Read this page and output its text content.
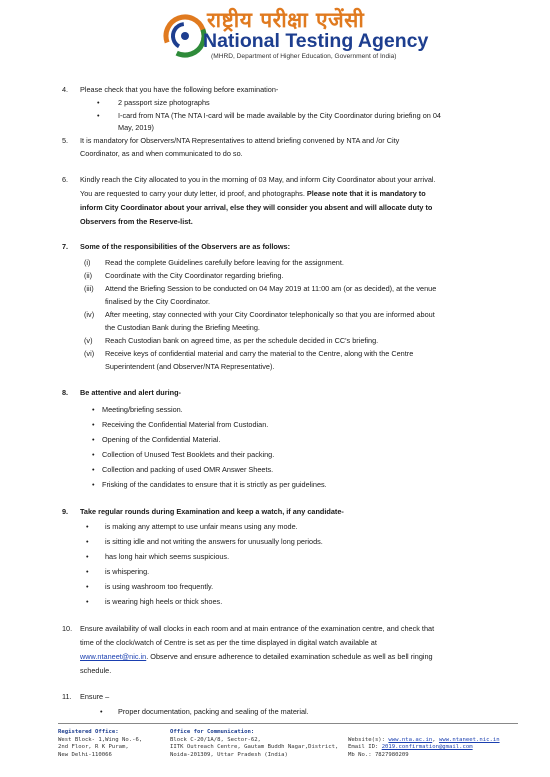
राष्ट्रीय परीक्षा एजेंसी
National Testing Agency
(MHRD, Department of Higher Education, Government of India)
4. Please check that you have the following before examination-
•	2 passport size photographs
•	I-card from NTA (The NTA I-card will be made available by the City Coordinator during briefing on 04
May, 2019)
5. It is mandatory for Observers/NTA Representatives to attend briefing convened by NTA and /or City
Coordinator, as and when communicated to do so.
6. Kindly reach the City allocated to you in the morning of 03 May, and inform City Coordinator about your arrival.
You are requested to carry your duty letter, id proof, and photographs. Please note that it is mandatory to
inform City Coordinator about your arrival, else they will consider you absent and will allocate duty to
Observers from the Reserve-list.
7. Some of the responsibilities of the Observers are as follows:
(i) Read the complete Guidelines carefully before leaving for the assignment.
(ii) Coordinate with the City Coordinator regarding briefing.
(iii) Attend the Briefing Session to be conducted on 04 May 2019 at 11:00 am (or as decided), at the venue
finalised by the City Coordinator.
(iv) After meeting, stay connected with your City Coordinator telephonically so that you are informed about
the Custodian Bank during the Briefing Meeting.
(v) Reach Custodian bank on agreed time, as per the schedule decided in CC's briefing.
(vi) Receive keys of confidential material and carry the material to the Centre, along with the Centre
Superintendent (and Observer/NTA Representative).
8. Be attentive and alert during-
• Meeting/briefing session.
• Receiving the Confidential Material from Custodian.
• Opening of the Confidential Material.
• Collection of Unused Test Booklets and their packing.
• Collection and packing of used OMR Answer Sheets.
• Frisking of the candidates to ensure that it is strictly as per guidelines.
9. Take regular rounds during Examination and keep a watch, if any candidate-
• is making any attempt to use unfair means using any mode.
• is sitting idle and not writing the answers for unusually long periods.
• has long hair which seems suspicious.
• is whispering.
• is using washroom too frequently.
• is wearing high heels or thick shoes.
10. Ensure availability of wall clocks in each room and at main entrance of the examination centre, and check that
time of the clock/watch of Centre is set as per the time displayed in digital watch available at
www.ntaneet@nic.in. Observe and ensure adherence to detailed examination schedule as well as bell ringing
schedule.
11. Ensure –
• Proper documentation, packing and sealing of the material.
Registered Office:
West Block- 1,Wing No.-6,
2nd Floor, R K Puram,
New Delhi-110066
Office for Communication:
Block C-20/1A/8, Sector-62,
IITK Outreach Centre, Gautam Buddh Nagar,District,
Noida-201309, Uttar Pradesh (India)
Website(s): www.nta.ac.in, www.ntaneet.nic.in
Email ID: 2019.confirmation@gmail.com
Mb No.: 7827980209
